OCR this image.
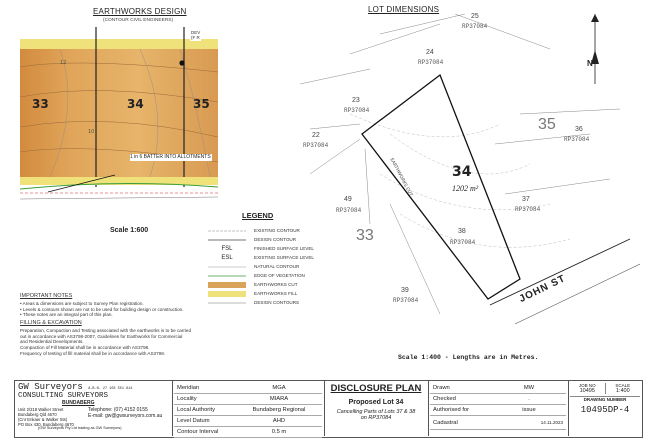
EARTHWORKS DESIGN
(CONTOUR CIVIL ENGINEERS)
DEV
(F R
33	34	35
12
10
1 in 6 BATTER INTO ALLOTMENTS
Scale 1:600
LOT DIMENSIONS
N
34
1202 m²
EARTHWORKS CUT
JOHN ST
35
33
25
RP37084
24
RP37084
23
RP37084
22
RP37084
36
RP37084
37
RP37084
38
RP37084
39
RP37084
49
RP37084
Scale 1:400 - Lengths are in Metres.
LEGEND
EXISTING CONTOUR
DESIGN CONTOUR
FSL	FINISHED SURFACE LEVEL
ESL	EXISTING SURFACE LEVEL
NATURAL CONTOUR
EDGE OF VEGETATION
EARTHWORKS CUT
EARTHWORKS FILL
DESIGN CONTOURS
IMPORTANT NOTES
• Areas & dimensions are subject to Survey Plan registration.
• Levels & contours shown are not to be used for building design or construction.
• These notes are an integral part of this plan.
FILLING & EXCAVATION
Preparation, Compaction and Testing associated with the earthworks is to be carried
out in accordance with AS3798-2007, Guidelines for Earthworks for Commercial
and Residential Developments.
Compaction of Fill Material shall be in accordance with AS3798.
Frequency of testing of fill material shall be in accordance with AS3798.
GW Surveyors A.B.N. 27 103 551 814
CONSULTING SURVEYORS
BUNDABERG
Unit 2/218 Walker Street
Bundaberg Qld 4670
(Cnr Enkaer & Walker Sts)
PO Box 430, Bundaberg 4670
Telephone: (07) 4152 0155
E-mail: gw@gwsurveyors.com.au
(GW Surveyors Pty Ltd trading as GW Surveyors)
Meridian	MGA
Locality	MIARA
Local Authority	Bundaberg Regional
Level Datum	AHD
Contour Interval	0.5 m
DISCLOSURE PLAN
Proposed Lot 34
Cancelling Parts of Lots 37 & 38
on RP37084
Drawn	MW
Checked	.
Authorised for	issue
Cadastral	14.11.2023
JOB NO
10495
SCALE
1:400
DRAWING NUMBER
10495DP-4
